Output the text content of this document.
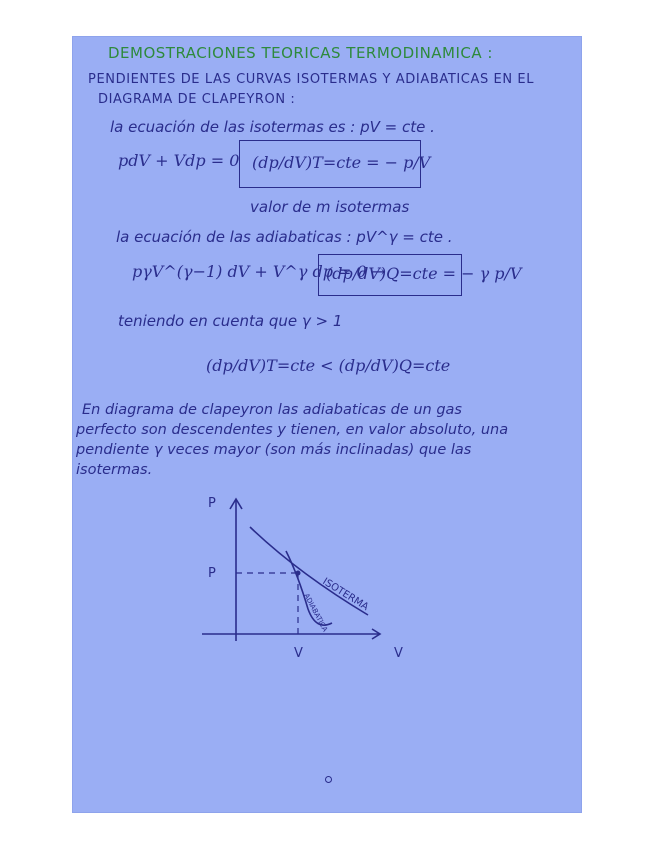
DEMOSTRACIONES TEORICAS TERMODINAMICA :
PENDIENTES DE LAS CURVAS ISOTERMAS Y ADIABATICAS EN EL
DIAGRAMA DE CLAPEYRON :
la ecuación de las isotermas es : pV = cte .
pdV + Vdp = 0 (dp/dV)T=cte = − p/V
valor de m isotermas
la ecuación de las adiabaticas : pV^γ = cte .
pγV^(γ−1) dV + V^γ dp = 0 →
(dp/dV)Q=cte = − γ p/V
teniendo en cuenta que γ > 1
(dp/dV)T=cte < (dp/dV)Q=cte
En diagrama de clapeyron las adiabaticas de un gas
perfecto son descendentes y tienen, en valor absoluto, una
pendiente γ veces mayor (son más inclinadas) que las
isotermas.
P
P
V	V
ISOTERMA
ADIABATICA
